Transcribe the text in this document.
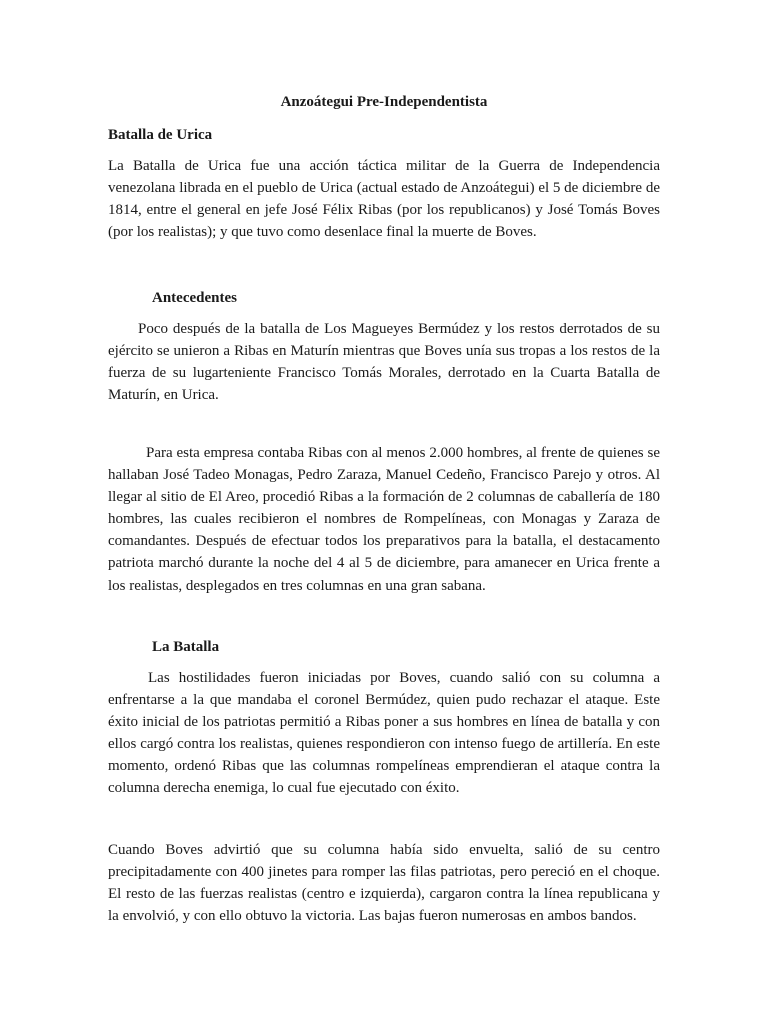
Anzoátegui Pre-Independentista
Batalla de Urica

La Batalla de Urica fue una acción táctica militar de la Guerra de Independencia venezolana librada en el pueblo de Urica (actual estado de Anzoátegui) el 5 de diciembre de 1814, entre el general en jefe José Félix Ribas (por los republicanos) y José Tomás Boves (por los realistas); y que tuvo como desenlace final la muerte de Boves.

Antecedentes

Poco después de la batalla de Los Magueyes Bermúdez y los restos derrotados de su ejército se unieron a Ribas en Maturín mientras que Boves unía sus tropas a los restos de la fuerza de su lugarteniente Francisco Tomás Morales, derrotado en la Cuarta Batalla de Maturín, en Urica.

Para esta empresa contaba Ribas con al menos 2.000 hombres, al frente de quienes se hallaban José Tadeo Monagas, Pedro Zaraza, Manuel Cedeño, Francisco Parejo y otros. Al llegar al sitio de El Areo, procedió Ribas a la formación de 2 columnas de caballería de 180 hombres, las cuales recibieron el nombres de Rompelíneas, con Monagas y Zaraza de comandantes. Después de efectuar todos los preparativos para la batalla, el destacamento patriota marchó durante la noche del 4 al 5 de diciembre, para amanecer en Urica frente a los realistas, desplegados en tres columnas en una gran sabana.

La Batalla

Las hostilidades fueron iniciadas por Boves, cuando salió con su columna a enfrentarse a la que mandaba el coronel Bermúdez, quien pudo rechazar el ataque. Este éxito inicial de los patriotas permitió a Ribas poner a sus hombres en línea de batalla y con ellos cargó contra los realistas, quienes respondieron con intenso fuego de artillería. En este momento, ordenó Ribas que las columnas rompelíneas emprendieran el ataque contra la columna derecha enemiga, lo cual fue ejecutado con éxito.

Cuando Boves advirtió que su columna había sido envuelta, salió de su centro precipitadamente con 400 jinetes para romper las filas patriotas, pero pereció en el choque. El resto de las fuerzas realistas (centro e izquierda), cargaron contra la línea republicana y la envolvió, y con ello obtuvo la victoria. Las bajas fueron numerosas en ambos bandos.
